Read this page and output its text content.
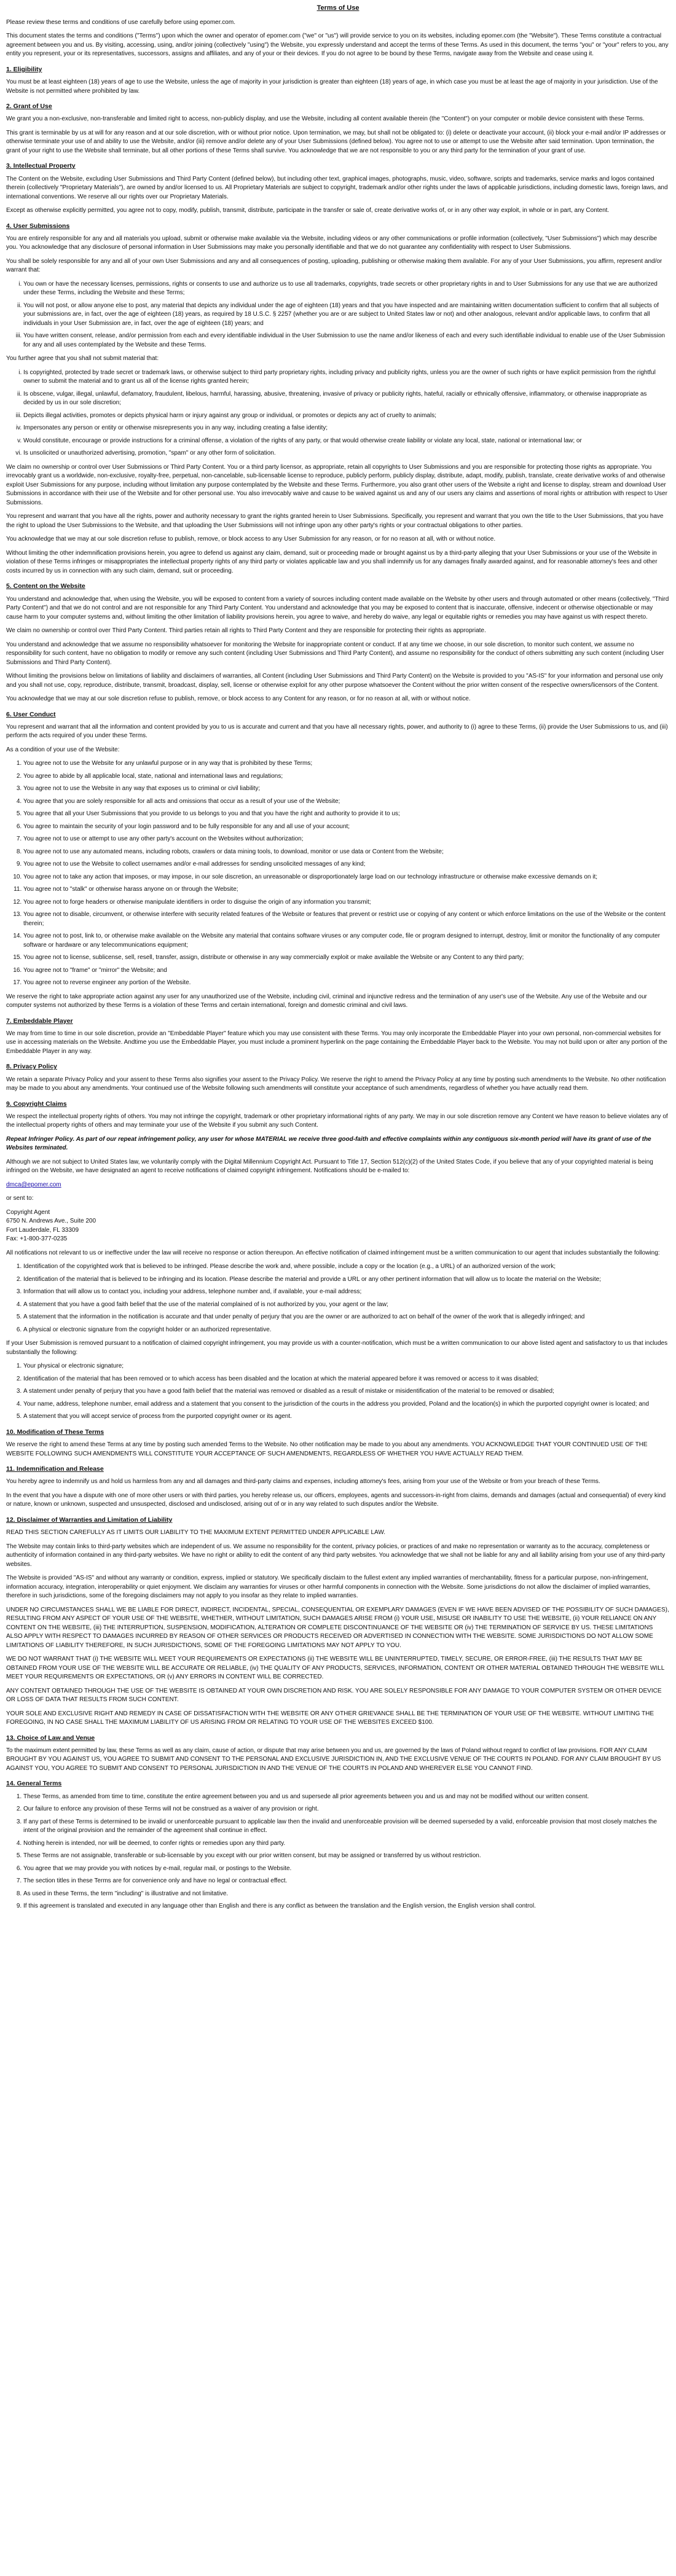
Terms of Use

Please review these terms and conditions of use carefully before using epomer.com.

This document states the terms and conditions ("Terms") upon which the owner and operator of epomer.com ("we" or "us") will provide service to you on its websites, including epomer.com (the "Website"). These Terms constitute a contractual agreement between you and us. By visiting, accessing, using, and/or joining (collectively "using") the Website, you expressly understand and accept the terms of these Terms. As used in this document, the terms "you" or "your" refers to you, any entity you represent, your or its representatives, successors, assigns and affiliates, and any of your or their devices. If you do not agree to be bound by these Terms, navigate away from the Website and cease using it.

1. Eligibility

You must be at least eighteen (18) years of age to use the Website, unless the age of majority in your jurisdiction is greater than eighteen (18) years of age, in which case you must be at least the age of majority in your jurisdiction. Use of the Website is not permitted where prohibited by law.

2. Grant of Use

We grant you a non-exclusive, non-transferable and limited right to access, non-publicly display, and use the Website, including all content available therein (the "Content") on your computer or mobile device consistent with these Terms.

This grant is terminable by us at will for any reason and at our sole discretion, with or without prior notice. Upon termination, we may, but shall not be obligated to: (i) delete or deactivate your account, (ii) block your e-mail and/or IP addresses or otherwise terminate your use of and ability to use the Website, and/or (iii) remove and/or delete any of your User Submissions (defined below). You agree not to use or attempt to use the Website after said termination. Upon termination, the grant of your right to use the Website shall terminate, but all other portions of these Terms shall survive. You acknowledge that we are not responsible to you or any third party for the termination of your grant of use.

3. Intellectual Property

The Content on the Website, excluding User Submissions and Third Party Content (defined below), but including other text, graphical images, photographs, music, video, software, scripts and trademarks, service marks and logos contained therein (collectively "Proprietary Materials"), are owned by and/or licensed to us. All Proprietary Materials are subject to copyright, trademark and/or other rights under the laws of applicable jurisdictions, including domestic laws, foreign laws, and international conventions. We reserve all our rights over our Proprietary Materials.

Except as otherwise explicitly permitted, you agree not to copy, modify, publish, transmit, distribute, participate in the transfer or sale of, create derivative works of, or in any other way exploit, in whole or in part, any Content.

4. User Submissions

You are entirely responsible for any and all materials you upload, submit or otherwise make available via the Website, including videos or any other communications or profile information (collectively, "User Submissions") which may describe you. You acknowledge that any disclosure of personal information in User Submissions may make you personally identifiable and that we do not guarantee any confidentiality with respect to User Submissions.

You shall be solely responsible for any and all of your own User Submissions and any and all consequences of posting, uploading, publishing or otherwise making them available. For any of your User Submissions, you affirm, represent and/or warrant that:

i. You own or have the necessary licenses, permissions, rights or consents to use and authorize us to use all trademarks, copyrights, trade secrets or other proprietary rights in and to User Submissions for any use that we are authorized under these Terms, including the Website and these Terms;
ii. You will not post, or allow anyone else to post, any material that depicts any individual under the age of eighteen (18) years and that you have inspected and are maintaining written documentation sufficient to confirm that all subjects of your submissions are, in fact, over the age of eighteen (18) years, as required by 18 U.S.C. § 2257 (whether you are or are subject to United States law or not) and other analogous, relevant and/or applicable laws, to confirm that all individuals in your User Submission are, in fact, over the age of eighteen (18) years; and
iii. You have written consent, release, and/or permission from each and every identifiable individual in the User Submission to use the name and/or likeness of each and every such identifiable individual to enable use of the User Submission for any and all uses contemplated by the Website and these Terms.

You further agree that you shall not submit material that:

i. Is copyrighted, protected by trade secret or trademark laws, or otherwise subject to third party proprietary rights, including privacy and publicity rights, unless you are the owner of such rights or have explicit permission from the rightful owner to submit the material and to grant us all of the license rights granted herein;
ii. Is obscene, vulgar, illegal, unlawful, defamatory, fraudulent, libelous, harmful, harassing, abusive, threatening, invasive of privacy or publicity rights, hateful, racially or ethnically offensive, inflammatory, or otherwise inappropriate as decided by us in our sole discretion;
iii. Depicts illegal activities, promotes or depicts physical harm or injury against any group or individual, or promotes or depicts any act of cruelty to animals;
iv. Impersonates any person or entity or otherwise misrepresents you in any way, including creating a false identity;
v. Would constitute, encourage or provide instructions for a criminal offense, a violation of the rights of any party, or that would otherwise create liability or violate any local, state, national or international law; or
vi. Is unsolicited or unauthorized advertising, promotion, "spam" or any other form of solicitation.

We claim no ownership or control over User Submissions or Third Party Content. You or a third party licensor, as appropriate, retain all copyrights to User Submissions and you are responsible for protecting those rights as appropriate. You irrevocably grant us a worldwide, non-exclusive, royalty-free, perpetual, non-cancelable, sub-licensable license to reproduce, publicly perform, publicly display, distribute, adapt, modify, publish, translate, create derivative works of and otherwise exploit User Submissions for any purpose, including without limitation any purpose contemplated by the Website and these Terms. Furthermore, you also grant other users of the Website a right and license to display, stream and download User Submissions in accordance with their use of the Website and for other personal use. You also irrevocably waive and cause to be waived against us and any of our users any claims and assertions of moral rights or attribution with respect to User Submissions.

You represent and warrant that you have all the rights, power and authority necessary to grant the rights granted herein to User Submissions. Specifically, you represent and warrant that you own the title to the User Submissions, that you have the right to upload the User Submissions to the Website, and that uploading the User Submissions will not infringe upon any other party's rights or your contractual obligations to other parties.

You acknowledge that we may at our sole discretion refuse to publish, remove, or block access to any User Submission for any reason, or for no reason at all, with or without notice.

Without limiting the other indemnification provisions herein, you agree to defend us against any claim, demand, suit or proceeding made or brought against us by a third-party alleging that your User Submissions or your use of the Website in violation of these Terms infringes or misappropriates the intellectual property rights of any third party or violates applicable law and you shall indemnify us for any damages finally awarded against, and for reasonable attorney's fees and other costs incurred by us in connection with any such claim, demand, suit or proceeding.

5. Content on the Website

You understand and acknowledge that, when using the Website, you will be exposed to content from a variety of sources including content made available on the Website by other users and through automated or other means (collectively, "Third Party Content") and that we do not control and are not responsible for any Third Party Content. You understand and acknowledge that you may be exposed to content that is inaccurate, offensive, indecent or otherwise objectionable or may cause harm to your computer systems and, without limiting the other limitation of liability provisions herein, you agree to waive, and hereby do waive, any legal or equitable rights or remedies you may have against us with respect thereto.

We claim no ownership or control over Third Party Content. Third parties retain all rights to Third Party Content and they are responsible for protecting their rights as appropriate.

You understand and acknowledge that we assume no responsibility whatsoever for monitoring the Website for inappropriate content or conduct. If at any time we choose, in our sole discretion, to monitor such content, we assume no responsibility for such content, have no obligation to modify or remove any such content (including User Submissions and Third Party Content), and assume no responsibility for the conduct of others submitting any such content (including User Submissions and Third Party Content).

Without limiting the provisions below on limitations of liability and disclaimers of warranties, all Content (including User Submissions and Third Party Content) on the Website is provided to you "AS-IS" for your information and personal use only and you shall not use, copy, reproduce, distribute, transmit, broadcast, display, sell, license or otherwise exploit for any other purpose whatsoever the Content without the prior written consent of the respective owners/licensors of the Content.

You acknowledge that we may at our sole discretion refuse to publish, remove, or block access to any Content for any reason, or for no reason at all, with or without notice.

6. User Conduct

You represent and warrant that all the information and content provided by you to us is accurate and current and that you have all necessary rights, power, and authority to (i) agree to these Terms, (ii) provide the User Submissions to us, and (iii) perform the acts required of you under these Terms.

As a condition of your use of the Website:

1. You agree not to use the Website for any unlawful purpose or in any way that is prohibited by these Terms;
2. You agree to abide by all applicable local, state, national and international laws and regulations;
3. You agree not to use the Website in any way that exposes us to criminal or civil liability;
4. You agree that you are solely responsible for all acts and omissions that occur as a result of your use of the Website;
5. You agree that all your User Submissions that you provide to us belongs to you and that you have the right and authority to provide it to us;
6. You agree to maintain the security of your login password and to be fully responsible for any and all use of your account;
7. You agree not to use or attempt to use any other party's account on the Websites without authorization;
8. You agree not to use any automated means, including robots, crawlers or data mining tools, to download, monitor or use data or Content from the Website;
9. You agree not to use the Website to collect usernames and/or e-mail addresses for sending unsolicited messages of any kind;
10. You agree not to take any action that imposes, or may impose, in our sole discretion, an unreasonable or disproportionately large load on our technology infrastructure or otherwise make excessive demands on it;
11. You agree not to "stalk" or otherwise harass anyone on or through the Website;
12. You agree not to forge headers or otherwise manipulate identifiers in order to disguise the origin of any information you transmit;
13. You agree not to disable, circumvent, or otherwise interfere with security related features of the Website or features that prevent or restrict use or copying of any content or which enforce limitations on the use of the Website or the content therein;
14. You agree not to post, link to, or otherwise make available on the Website any material that contains software viruses or any computer code, file or program designed to interrupt, destroy, limit or monitor the functionality of any computer software or hardware or any telecommunications equipment;
15. You agree not to license, sublicense, sell, resell, transfer, assign, distribute or otherwise in any way commercially exploit or make available the Website or any Content to any third party;
16. You agree not to "frame" or "mirror" the Website; and
17. You agree not to reverse engineer any portion of the Website.

We reserve the right to take appropriate action against any user for any unauthorized use of the Website, including civil, criminal and injunctive redress and the termination of any user's use of the Website. Any use of the Website and our computer systems not authorized by these Terms is a violation of these Terms and certain international, foreign and domestic criminal and civil laws.

7. Embeddable Player

We may from time to time in our sole discretion, provide an "Embeddable Player" feature which you may use consistent with these Terms. You may only incorporate the Embeddable Player into your own personal, non-commercial websites for use in accessing materials on the Website. Andtime you use the Embeddable Player, you must include a prominent hyperlink on the page containing the Embeddable Player back to the Website. You may not build upon or alter any portion of the Embeddable Player in any way.

8. Privacy Policy

We retain a separate Privacy Policy and your assent to these Terms also signifies your assent to the Privacy Policy. We reserve the right to amend the Privacy Policy at any time by posting such amendments to the Website. No other notification may be made to you about any amendments. Your continued use of the Website following such amendments will constitute your acceptance of such amendments, regardless of whether you have actually read them.

9. Copyright Claims

We respect the intellectual property rights of others. You may not infringe the copyright, trademark or other proprietary informational rights of any party. We may in our sole discretion remove any Content we have reason to believe violates any of the intellectual property rights of others and may terminate your use of the Website if you submit any such Content.

Repeat Infringer Policy. As part of our repeat infringement policy, any user for whose MATERIAL we receive three good-faith and effective complaints within any contiguous six-month period will have its grant of use of the Websites terminated.

Although we are not subject to United States law, we voluntarily comply with the Digital Millennium Copyright Act. Pursuant to Title 17, Section 512(c)(2) of the United States Code, if you believe that any of your copyrighted material is being infringed on the Website, we have designated an agent to receive notifications of claimed copyright infringement. Notifications should be e-mailed to:

dmca@epomer.com

or sent to:

Copyright Agent
6750 N. Andrews Ave., Suite 200
Fort Lauderdale, FL 33309
Fax: +1-800-377-0235

All notifications not relevant to us or ineffective under the law will receive no response or action thereupon. An effective notification of claimed infringement must be a written communication to our agent that includes substantially the following:

1. Identification of the copyrighted work that is believed to be infringed. Please describe the work and, where possible, include a copy or the location (e.g., a URL) of an authorized version of the work;
2. Identification of the material that is believed to be infringing and its location. Please describe the material and provide a URL or any other pertinent information that will allow us to locate the material on the Website;
3. Information that will allow us to contact you, including your address, telephone number and, if available, your e-mail address;
4. A statement that you have a good faith belief that the use of the material complained of is not authorized by you, your agent or the law;
5. A statement that the information in the notification is accurate and that under penalty of perjury that you are the owner or are authorized to act on behalf of the owner of the work that is allegedly infringed; and
6. A physical or electronic signature from the copyright holder or an authorized representative.

If your User Submission is removed pursuant to a notification of claimed copyright infringement, you may provide us with a counter-notification, which must be a written communication to our above listed agent and satisfactory to us that includes substantially the following:

1. Your physical or electronic signature;
2. Identification of the material that has been removed or to which access has been disabled and the location at which the material appeared before it was removed or access to it was disabled;
3. A statement under penalty of perjury that you have a good faith belief that the material was removed or disabled as a result of mistake or misidentification of the material to be removed or disabled;
4. Your name, address, telephone number, email address and a statement that you consent to the jurisdiction of the courts in the address you provided, Poland and the location(s) in which the purported copyright owner is located; and
5. A statement that you will accept service of process from the purported copyright owner or its agent.
10. Modification of These Terms

We reserve the right to amend these Terms at any time by posting such amended Terms to the Website. No other notification may be made to you about any amendments. YOU ACKNOWLEDGE THAT YOUR CONTINUED USE OF THE WEBSITE FOLLOWING SUCH AMENDMENTS WILL CONSTITUTE YOUR ACCEPTANCE OF SUCH AMENDMENTS, REGARDLESS OF WHETHER YOU HAVE ACTUALLY READ THEM.

11. Indemnification and Release

You hereby agree to indemnify us and hold us harmless from any and all damages and third-party claims and expenses, including attorney's fees, arising from your use of the Website or from your breach of these Terms.

In the event that you have a dispute with one of more other users or with third parties, you hereby release us, our officers, employees, agents and successors-in-right from claims, demands and damages (actual and consequential) of every kind or nature, known or unknown, suspected and unsuspected, disclosed and undisclosed, arising out of or in any way related to such disputes and/or the Website.

12. Disclaimer of Warranties and Limitation of Liability

READ THIS SECTION CAREFULLY AS IT LIMITS OUR LIABILITY TO THE MAXIMUM EXTENT PERMITTED UNDER APPLICABLE LAW.

The Website may contain links to third-party websites which are independent of us. We assume no responsibility for the content, privacy policies, or practices of and make no representation or warranty as to the accuracy, completeness or authenticity of information contained in any third-party websites. We have no right or ability to edit the content of any third party websites. You acknowledge that we shall not be liable for any and all liability arising from your use of any third-party websites.

The Website is provided "AS-IS" and without any warranty or condition, express, implied or statutory. We specifically disclaim to the fullest extent any implied warranties of merchantability, fitness for a particular purpose, non-infringement, information accuracy, integration, interoperability or quiet enjoyment. We disclaim any warranties for viruses or other harmful components in connection with the Website. Some jurisdictions do not allow the disclaimer of implied warranties, therefore in such jurisdictions, some of the foregoing disclaimers may not apply to you insofar as they relate to implied warranties.

UNDER NO CIRCUMSTANCES SHALL WE BE LIABLE FOR DIRECT, INDIRECT, INCIDENTAL, SPECIAL, CONSEQUENTIAL OR EXEMPLARY DAMAGES (EVEN IF WE HAVE BEEN ADVISED OF THE POSSIBILITY OF SUCH DAMAGES), RESULTING FROM ANY ASPECT OF YOUR USE OF THE WEBSITE, WHETHER, WITHOUT LIMITATION, SUCH DAMAGES ARISE FROM (i) YOUR USE, MISUSE OR INABILITY TO USE THE WEBSITE, (ii) YOUR RELIANCE ON ANY CONTENT ON THE WEBSITE, (iii) THE INTERRUPTION, SUSPENSION, MODIFICATION, ALTERATION OR COMPLETE DISCONTINUANCE OF THE WEBSITE OR (iv) THE TERMINATION OF SERVICE BY US. THESE LIMITATIONS ALSO APPLY WITH RESPECT TO DAMAGES INCURRED BY REASON OF OTHER SERVICES OR PRODUCTS RECEIVED OR ADVERTISED IN CONNECTION WITH THE WEBSITE. SOME JURISDICTIONS DO NOT ALLOW SOME LIMITATIONS OF LIABILITY THEREFORE, IN SUCH JURISDICTIONS, SOME OF THE FOREGOING LIMITATIONS MAY NOT APPLY TO YOU.

WE DO NOT WARRANT THAT (i) THE WEBSITE WILL MEET YOUR REQUIREMENTS OR EXPECTATIONS (ii) THE WEBSITE WILL BE UNINTERRUPTED, TIMELY, SECURE, OR ERROR-FREE, (iii) THE RESULTS THAT MAY BE OBTAINED FROM YOUR USE OF THE WEBSITE WILL BE ACCURATE OR RELIABLE, (iv) THE QUALITY OF ANY PRODUCTS, SERVICES, INFORMATION, CONTENT OR OTHER MATERIAL OBTAINED THROUGH THE WEBSITE WILL MEET YOUR REQUIREMENTS OR EXPECTATIONS, OR (v) ANY ERRORS IN CONTENT WILL BE CORRECTED.

ANY CONTENT OBTAINED THROUGH THE USE OF THE WEBSITE IS OBTAINED AT YOUR OWN DISCRETION AND RISK. YOU ARE SOLELY RESPONSIBLE FOR ANY DAMAGE TO YOUR COMPUTER SYSTEM OR OTHER DEVICE OR LOSS OF DATA THAT RESULTS FROM SUCH CONTENT.

YOUR SOLE AND EXCLUSIVE RIGHT AND REMEDY IN CASE OF DISSATISFACTION WITH THE WEBSITE OR ANY OTHER GRIEVANCE SHALL BE THE TERMINATION OF YOUR USE OF THE WEBSITE. WITHOUT LIMITING THE FOREGOING, IN NO CASE SHALL THE MAXIMUM LIABILITY OF US ARISING FROM OR RELATING TO YOUR USE OF THE WEBSITES EXCEED $100.

13. Choice of Law and Venue

To the maximum extent permitted by law, these Terms as well as any claim, cause of action, or dispute that may arise between you and us, are governed by the laws of Poland without regard to conflict of law provisions. FOR ANY CLAIM BROUGHT BY YOU AGAINST US, YOU AGREE TO SUBMIT AND CONSENT TO THE PERSONAL AND EXCLUSIVE JURISDICTION IN, AND THE EXCLUSIVE VENUE OF THE COURTS IN POLAND. FOR ANY CLAIM BROUGHT BY US AGAINST YOU, YOU AGREE TO SUBMIT AND CONSENT TO PERSONAL JURISDICTION IN AND THE VENUE OF THE COURTS IN POLAND AND WHEREVER ELSE YOU CANNOT FIND.

14. General Terms
1. These Terms, as amended from time to time, constitute the entire agreement between you and us and supersede all prior agreements between you and us and may not be modified without our written consent.
2. Our failure to enforce any provision of these Terms will not be construed as a waiver of any provision or right.
3. If any part of these Terms is determined to be invalid or unenforceable pursuant to applicable law then the invalid and unenforceable provision will be deemed superseded by a valid, enforceable provision that most closely matches the intent of the original provision and the remainder of the agreement shall continue in effect.
4. Nothing herein is intended, nor will be deemed, to confer rights or remedies upon any third party.
5. These Terms are not assignable, transferable or sub-licensable by you except with our prior written consent, but may be assigned or transferred by us without restriction.
6. You agree that we may provide you with notices by e-mail, regular mail, or postings to the Website.
7. The section titles in these Terms are for convenience only and have no legal or contractual effect.
8. As used in these Terms, the term "including" is illustrative and not limitative.
9. If this agreement is translated and executed in any language other than English and there is any conflict as between the translation and the English version, the English version shall control.
